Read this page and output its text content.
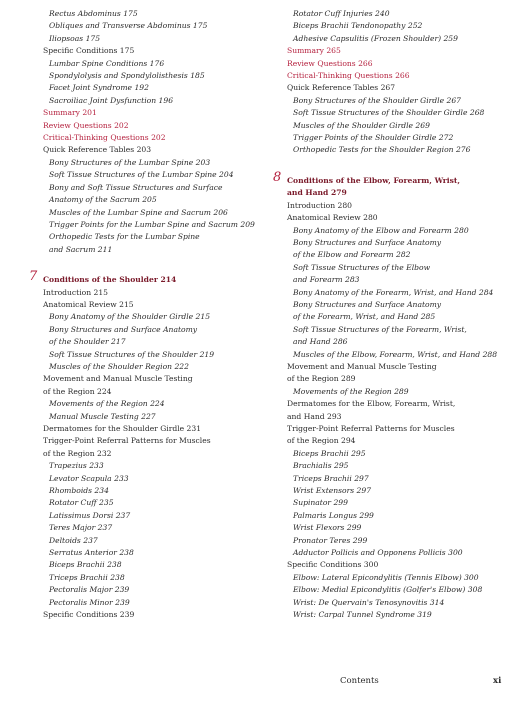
Rectus Abdominus 175
Obliques and Transverse Abdominus 175
Iliopsoas 175
Specific Conditions 175
Lumbar Spine Conditions 176
Spondylolysis and Spondylolisthesis 185
Facet Joint Syndrome 192
Sacroiliac Joint Dysfunction 196
Summary 201
Review Questions 202
Critical-Thinking Questions 202
Quick Reference Tables 203
Bony Structures of the Lumbar Spine 203
Soft Tissue Structures of the Lumbar Spine 204
Bony and Soft Tissue Structures and Surface
Anatomy of the Sacrum 205
Muscles of the Lumbar Spine and Sacrum 206
Trigger Points for the Lumbar Spine and Sacrum 209
Orthopedic Tests for the Lumbar Spine
and Sacrum 211
7 Conditions of the Shoulder 214
Introduction 215
Anatomical Review 215
Bony Anatomy of the Shoulder Girdle 215
Bony Structures and Surface Anatomy
of the Shoulder 217
Soft Tissue Structures of the Shoulder 219
Muscles of the Shoulder Region 222
Movement and Manual Muscle Testing
of the Region 224
Movements of the Region 224
Manual Muscle Testing 227
Dermatomes for the Shoulder Girdle 231
Trigger-Point Referral Patterns for Muscles
of the Region 232
Trapezius 233
Levator Scapula 233
Rhomboids 234
Rotator Cuff 235
Latissimus Dorsi 237
Teres Major 237
Deltoids 237
Serratus Anterior 238
Biceps Brachii 238
Triceps Brachii 238
Pectoralis Major 239
Pectoralis Minor 239
Specific Conditions 239
Rotator Cuff Injuries 240
Biceps Brachii Tendonopathy 252
Adhesive Capsulitis (Frozen Shoulder) 259
Summary 265
Review Questions 266
Critical-Thinking Questions 266
Quick Reference Tables 267
Bony Structures of the Shoulder Girdle 267
Soft Tissue Structures of the Shoulder Girdle 268
Muscles of the Shoulder Girdle 269
Trigger Points of the Shoulder Girdle 272
Orthopedic Tests for the Shoulder Region 276
8 Conditions of the Elbow, Forearm, Wrist,
and Hand 279
Introduction 280
Anatomical Review 280
Bony Anatomy of the Elbow and Forearm 280
Bony Structures and Surface Anatomy
of the Elbow and Forearm 282
Soft Tissue Structures of the Elbow
and Forearm 283
Bony Anatomy of the Forearm, Wrist, and Hand 284
Bony Structures and Surface Anatomy
of the Forearm, Wrist, and Hand 285
Soft Tissue Structures of the Forearm, Wrist,
and Hand 286
Muscles of the Elbow, Forearm, Wrist, and Hand 288
Movement and Manual Muscle Testing
of the Region 289
Movements of the Region 289
Dermatomes for the Elbow, Forearm, Wrist,
and Hand 293
Trigger-Point Referral Patterns for Muscles
of the Region 294
Biceps Brachii 295
Brachialis 295
Triceps Brachii 297
Wrist Extensors 297
Supinator 299
Palmaris Longus 299
Wrist Flexors 299
Pronator Teres 299
Adductor Pollicis and Opponens Pollicis 300
Specific Conditions 300
Elbow: Lateral Epicondylitis (Tennis Elbow) 300
Elbow: Medial Epicondylitis (Golfer's Elbow) 308
Wrist: De Quervain's Tenosynovitis 314
Wrist: Carpal Tunnel Syndrome 319
Contents	xi
